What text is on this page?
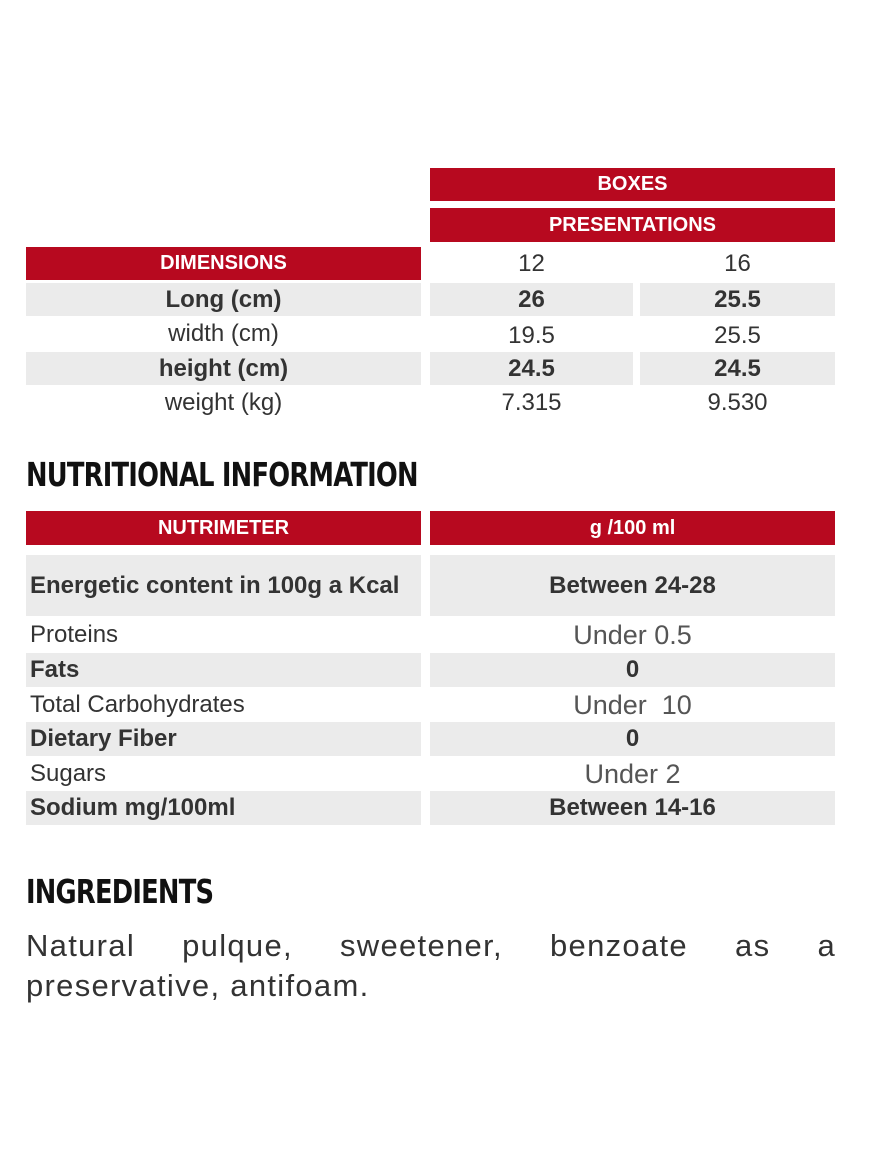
BOXES
PRESENTATIONS
DIMENSIONS	12	16
Long (cm)	26	25.5
width (cm)	19.5	25.5
height (cm)	24.5	24.5
weight (kg)	7.315	9.530
NUTRITIONAL INFORMATION
NUTRIMETER	g /100 ml
Energetic content in 100g a Kcal	Between 24-28
Proteins	Under 0.5
Fats	0
Total Carbohydrates	Under  10
Dietary Fiber	0
Sugars	Under 2
Sodium mg/100ml	Between 14-16
INGREDIENTS
Natural pulque, sweetener, benzoate as a preservative, antifoam.
